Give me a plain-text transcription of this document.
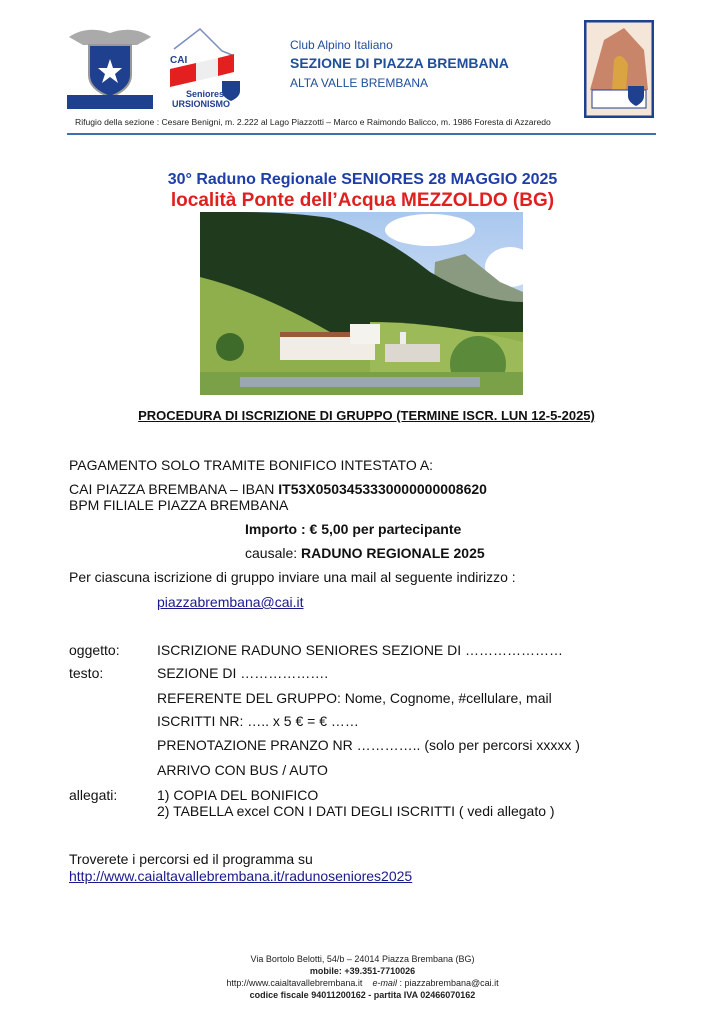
CAI
Seniores
URSIONISMO
Club Alpino Italiano
SEZIONE DI PIAZZA BREMBANA
ALTA VALLE BREMBANA
Rifugio della sezione : Cesare Benigni, m. 2.222 al Lago Piazzotti – Marco e Raimondo Balicco, m. 1986 Foresta di Azzaredo
30° Raduno Regionale SENIORES 28 MAGGIO 2025
località Ponte dell’Acqua MEZZOLDO (BG)
PROCEDURA DI ISCRIZIONE DI GRUPPO (TERMINE ISCR. LUN 12-5-2025)
PAGAMENTO SOLO TRAMITE BONIFICO INTESTATO A:
CAI PIAZZA BREMBANA – IBAN IT53X0503453330000000008620
BPM FILIALE PIAZZA BREMBANA
Importo : € 5,00 per partecipante
causale: RADUNO REGIONALE 2025
Per ciascuna iscrizione di gruppo inviare una mail al seguente indirizzo :
piazzabrembana@cai.it
oggetto:	ISCRIZIONE RADUNO SENIORES SEZIONE DI …………………
testo:	SEZIONE DI ……………….
REFERENTE DEL GRUPPO: Nome, Cognome, #cellulare, mail
ISCRITTI NR: ….. x 5 € = € ……
PRENOTAZIONE PRANZO NR ………….. (solo per percorsi xxxxx )
ARRIVO CON BUS / AUTO
allegati:	1) COPIA DEL BONIFICO
2) TABELLA excel CON I DATI DEGLI ISCRITTI ( vedi allegato )
Troverete i percorsi ed il programma su
http://www.caialtavallebrembana.it/radunoseniores2025
Via Bortolo Belotti, 54/b – 24014 Piazza Brembana (BG)
mobile: +39.351-7710026
http://www.caialtavallebrembana.it e-mail : piazzabrembana@cai.it
codice fiscale 94011200162 - partita IVA 02466070162
